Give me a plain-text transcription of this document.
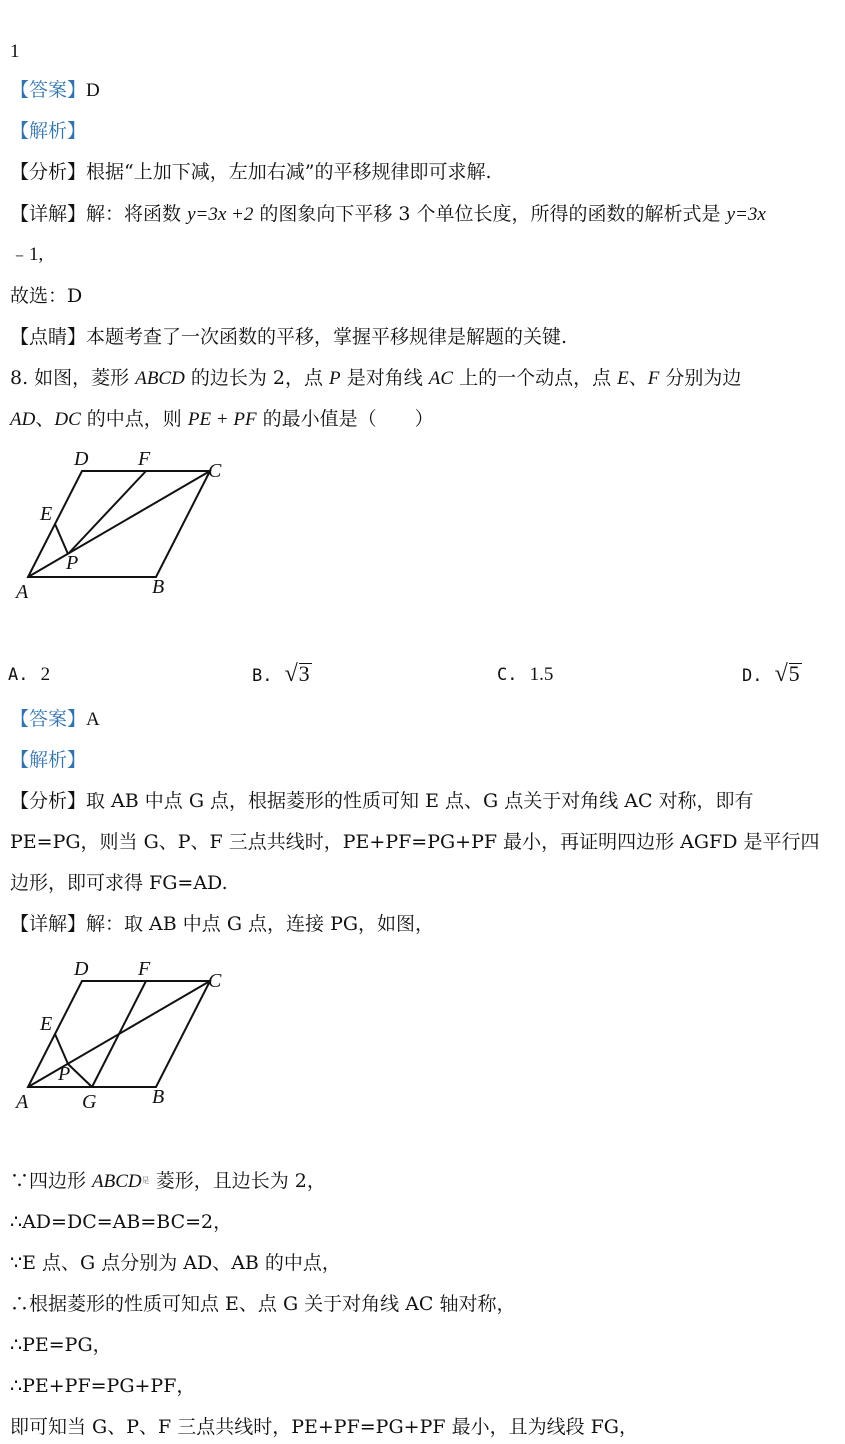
1
【答案】D
【解析】
【分析】根据“上加下减，左加右减”的平移规律即可求解.
【详解】解：将函数 y=3x +2 的图象向下平移 3 个单位长度，所得的函数的解析式是 y=3x
﹣1,
故选：D
【点睛】本题考查了一次函数的平移，掌握平移规律是解题的关键.
8. 如图，菱形 ABCD 的边长为 2，点 P 是对角线 AC 上的一个动点，点 E、F 分别为边
AD、DC 的中点，则 PE + PF 的最小值是（　　）
A	B
C
D F
E
P
A. 2	B. √ 3	C. 1.5	D. √ 5
【答案】A
【解析】
【分析】取 AB 中点 G 点，根据菱形的性质可知 E 点、G 点关于对角线 AC 对称，即有
PE=PG，则当 G、P、F 三点共线时，PE+PF=PG+PF 最小，再证明四边形 AGFD 是平行四
边形，即可求得 FG=AD.
【详解】解：取 AB 中点 G 点，连接 PG，如图，
A	G	B
C
D F
E
P
∵四边形 $ABCD^是$ 菱形，且边长为 2，
∴AD=DC=AB=BC=2，
∵E 点、G 点分别为 AD、AB 的中点，
∴根据菱形的性质可知点 E、点 G 关于对角线 AC 轴对称，
∴PE=PG，
∴PE+PF=PG+PF，
即可知当 G、P、F 三点共线时，PE+PF=PG+PF 最小，且为线段 FG，
